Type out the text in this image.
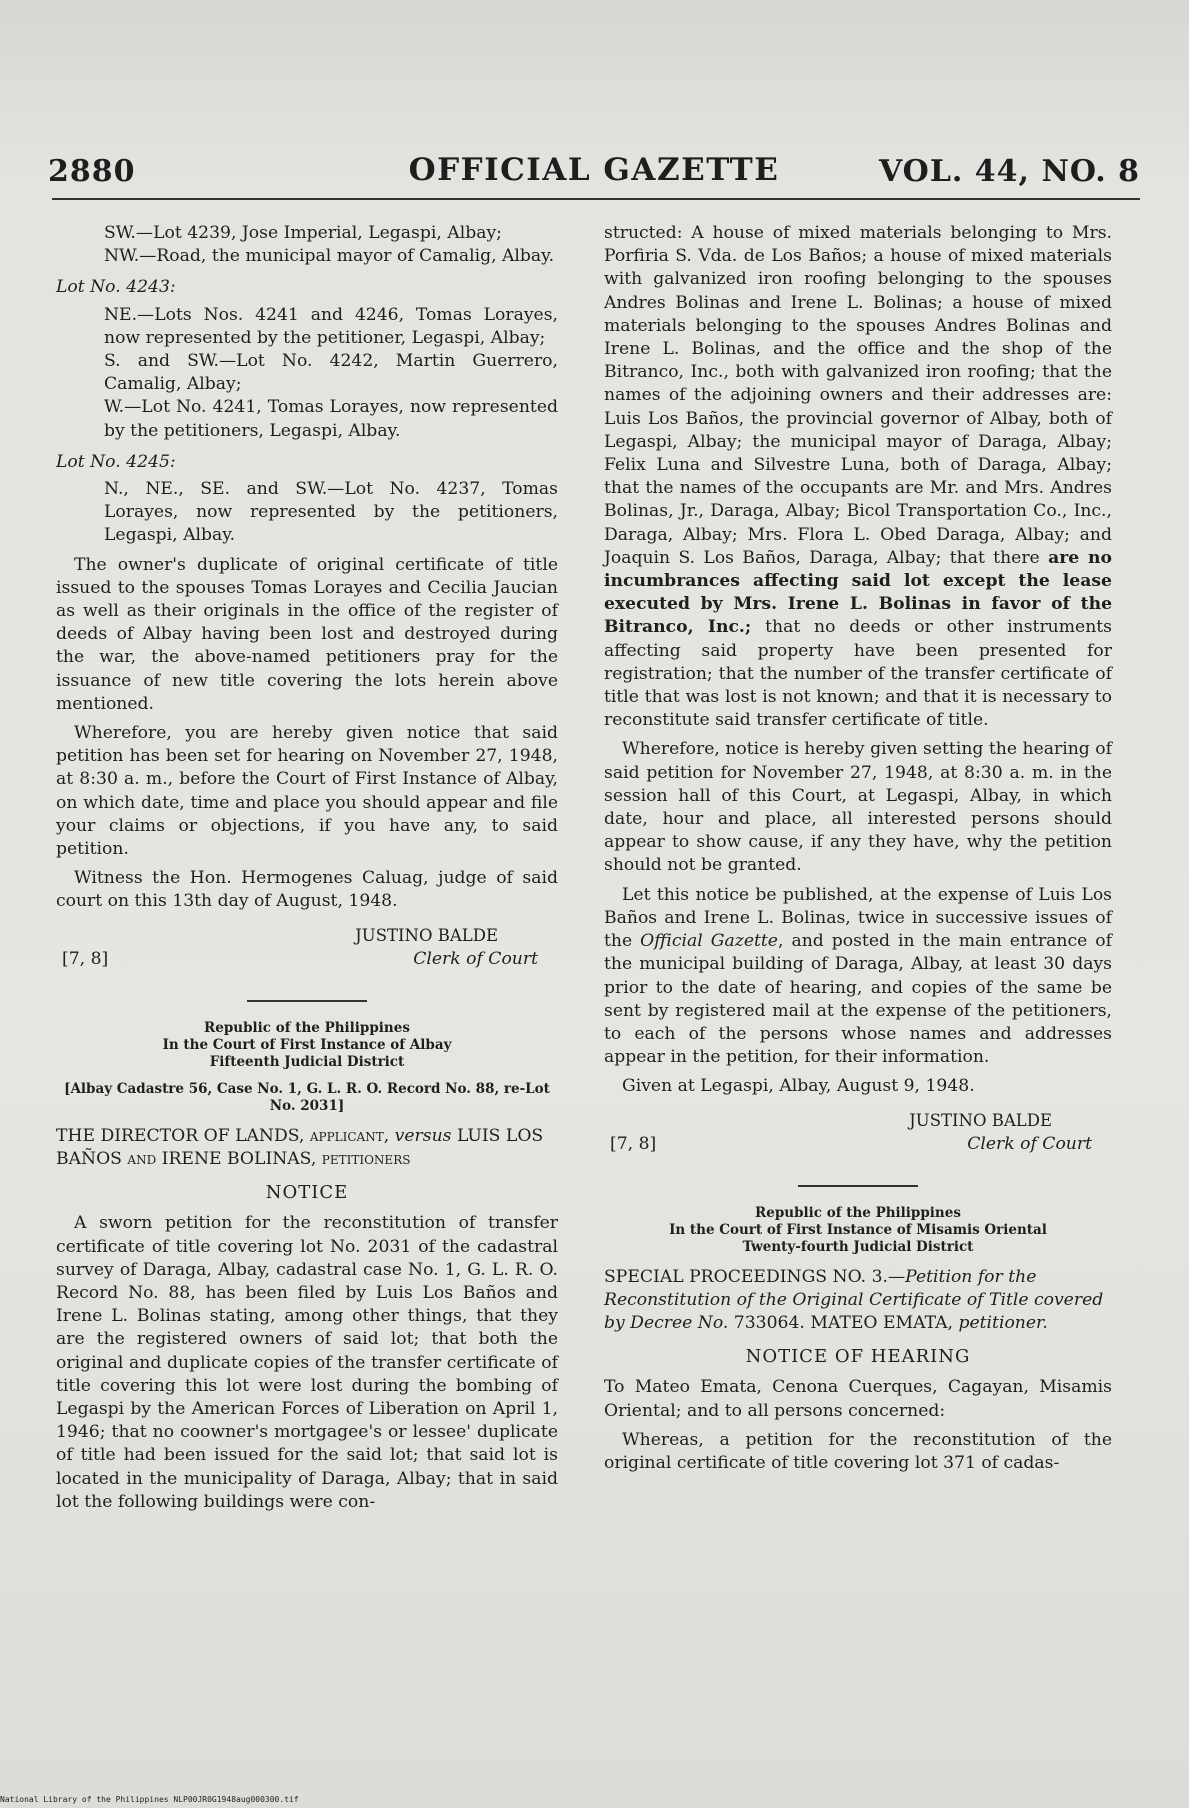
2880	OFFICIAL GAZETTE	VOL. 44, NO. 8

SW.—Lot 4239, Jose Imperial, Legaspi, Albay;

NW.—Road, the municipal mayor of Camalig, Albay.

Lot No. 4243:

NE.—Lots Nos. 4241 and 4246, Tomas Lorayes, now represented by the petitioner, Legaspi, Albay;

S. and SW.—Lot No. 4242, Martin Guerrero, Camalig, Albay;

W.—Lot No. 4241, Tomas Lorayes, now represented by the petitioners, Legaspi, Albay.

Lot No. 4245:

N., NE., SE. and SW.—Lot No. 4237, Tomas Lorayes, now represented by the petitioners, Legaspi, Albay.

The owner's duplicate of original certificate of title issued to the spouses Tomas Lorayes and Cecilia Jaucian as well as their originals in the office of the register of deeds of Albay having been lost and destroyed during the war, the above-named petitioners pray for the issuance of new title covering the lots herein above mentioned.

Wherefore, you are hereby given notice that said petition has been set for hearing on November 27, 1948, at 8:30 a. m., before the Court of First Instance of Albay, on which date, time and place you should appear and file your claims or objections, if you have any, to said petition.

Witness the Hon. Hermogenes Caluag, judge of said court on this 13th day of August, 1948.

JUSTINO BALDE
Clerk of Court
[7, 8]
Republic of the Philippines
In the Court of First Instance of Albay
Fifteenth Judicial District

[Albay Cadastre 56, Case No. 1, G. L. R. O. Record No. 88, re-Lot No. 2031]

THE DIRECTOR OF LANDS, applicant, versus LUIS LOS BAÑOS and IRENE BOLINAS, petitioners

NOTICE

A sworn petition for the reconstitution of transfer certificate of title covering lot No. 2031 of the cadastral survey of Daraga, Albay, cadastral case No. 1, G. L. R. O. Record No. 88, has been filed by Luis Los Baños and Irene L. Bolinas stating, among other things, that they are the registered owners of said lot; that both the original and duplicate copies of the transfer certificate of title covering this lot were lost during the bombing of Legaspi by the American Forces of Liberation on April 1, 1946; that no coowner's mortgagee's or lessee' duplicate of title had been issued for the said lot; that said lot is located in the municipality of Daraga, Albay; that in said lot the following buildings were con-

structed: A house of mixed materials belonging to Mrs. Porfiria S. Vda. de Los Baños; a house of mixed materials with galvanized iron roofing belonging to the spouses Andres Bolinas and Irene L. Bolinas; a house of mixed materials belonging to the spouses Andres Bolinas and Irene L. Bolinas, and the office and the shop of the Bitranco, Inc., both with galvanized iron roofing; that the names of the adjoining owners and their addresses are: Luis Los Baños, the provincial governor of Albay, both of Legaspi, Albay; the municipal mayor of Daraga, Albay; Felix Luna and Silvestre Luna, both of Daraga, Albay; that the names of the occupants are Mr. and Mrs. Andres Bolinas, Jr., Daraga, Albay; Bicol Transportation Co., Inc., Daraga, Albay; Mrs. Flora L. Obed Daraga, Albay; and Joaquin S. Los Baños, Daraga, Albay; that there are no incumbrances affecting said lot except the lease executed by Mrs. Irene L. Bolinas in favor of the Bitranco, Inc.; that no deeds or other instruments affecting said property have been presented for registration; that the number of the transfer certificate of title that was lost is not known; and that it is necessary to reconstitute said transfer certificate of title.

Wherefore, notice is hereby given setting the hearing of said petition for November 27, 1948, at 8:30 a. m. in the session hall of this Court, at Legaspi, Albay, in which date, hour and place, all interested persons should appear to show cause, if any they have, why the petition should not be granted.

Let this notice be published, at the expense of Luis Los Baños and Irene L. Bolinas, twice in successive issues of the Official Gazette, and posted in the main entrance of the municipal building of Daraga, Albay, at least 30 days prior to the date of hearing, and copies of the same be sent by registered mail at the expense of the petitioners, to each of the persons whose names and addresses appear in the petition, for their information.

Given at Legaspi, Albay, August 9, 1948.

JUSTINO BALDE
Clerk of Court
[7, 8]
Republic of the Philippines
In the Court of First Instance of Misamis Oriental
Twenty-fourth Judicial District

SPECIAL PROCEEDINGS NO. 3.—Petition for the Reconstitution of the Original Certificate of Title covered by Decree No. 733064. MATEO EMATA, petitioner.

NOTICE OF HEARING

To Mateo Emata, Cenona Cuerques, Cagayan, Misamis Oriental; and to all persons concerned:

Whereas, a petition for the reconstitution of the original certificate of title covering lot 371 of cadas-

National Library of the Philippines NLP00JR0G1948aug000300.tif
